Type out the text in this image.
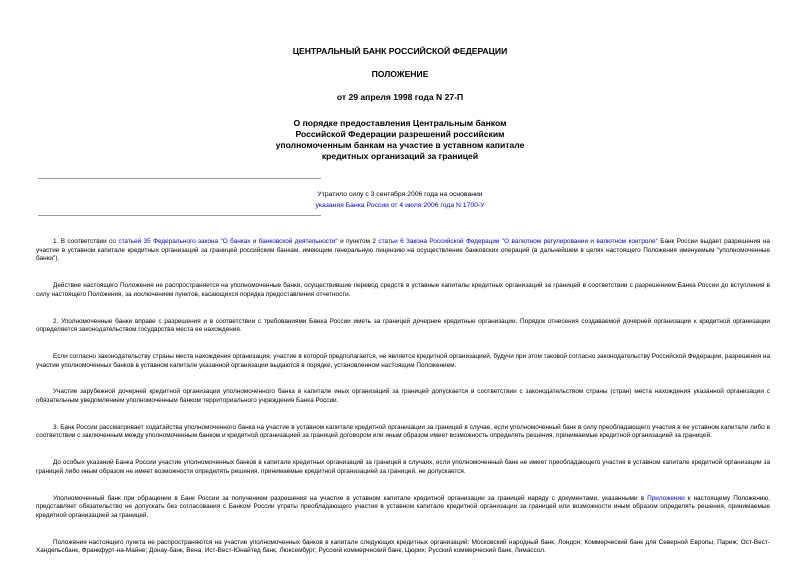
ЦЕНТРАЛЬНЫЙ БАНК РОССИЙСКОЙ ФЕДЕРАЦИИ
ПОЛОЖЕНИЕ
от 29 апреля 1998 года N 27-П
О порядке предоставления Центральным банком Российской Федерации разрешений российским уполномоченным банкам на участие в уставном капитале кредитных организаций за границей
Утратило силу с 3 сентября 2006 года на основании
указания Банка России от 4 июля 2006 года N 1700-У

1. В соответствии со статьей 35 Федерального закона "О банках и банковской деятельности" и пунктом 2 статьи 6 Закона Российской Федерации "О валютном регулировании и валютном контроле" Банк России выдает разрешения на участие в уставном капитале кредитных организаций за границей российским банкам, имеющим генеральную лицензию на осуществление банковских операций (в дальнейшем в целях настоящего Положения именуемым "уполномоченные банки").

Действие настоящего Положения не распространяется на уполномоченные банки, осуществившие перевод средств в уставные капиталы кредитных организаций за границей в соответствии с разрешением Банка России до вступления в силу настоящего Положения, за исключением пунктов, касающихся порядка предоставления отчетности.

2. Уполномоченные банки вправе с разрешения и в соответствии с требованиями Банка России иметь за границей дочерние кредитные организации. Порядок отнесения создаваемой дочерней организации к кредитной организации определяется законодательством государства места ее нахождения.

Если согласно законодательству страны места нахождения организация, участие в которой предполагается, не является кредитной организацией, будучи при этом таковой согласно законодательству Российской Федерации, разрешения на участие уполномоченных банков в уставном капитале указанной организации выдаются в порядке, установленном настоящим Положением.

Участие зарубежной дочерней кредитной организации уполномоченного банка в капитале иных организаций за границей допускается в соответствии с законодательством страны (стран) места нахождения указанной организации с обязательным уведомлением уполномоченным банком территориального учреждения Банка России.

3. Банк России рассматривает ходатайства уполномоченного банка на участие в уставном капитале кредитной организации за границей в случае, если уполномоченный банк в силу преобладающего участия в ее уставном капитале либо в соответствии с заключенным между уполномоченным банком и кредитной организацией за границей договором или иным образом имеет возможность определять решения, принимаемые кредитной организацией за границей.

До особых указаний Банка России участие уполномоченных банков в капитале кредитных организаций за границей в случаях, если уполномоченный банк не имеет преобладающего участия в уставном капитале кредитной организации за границей либо иным образом не имеет возможности определять решения, принимаемые кредитной организацией за границей, не допускается.

Уполномоченный банк при обращении в Банк России за получением разрешения на участие в уставном капитале кредитной организации за границей наряду с документами, указанными в Приложении к настоящему Положению, представляет обязательство не допускать без согласования с Банком России утраты преобладающего участия в уставном капитале кредитной организации за границей или возможности иным образом определять решения, принимаемые кредитной организацией за границей.

Положения настоящего пункта не распространяются на участие уполномоченных банков в капитале следующих кредитных организаций: Московский народный банк, Лондон; Коммерческий банк для Северной Европы, Париж; Ост-Вест-Хандельсбанк, Франкфурт-на-Майне; Донау-банк, Вена; Ист-Вест-Юнайтед банк, Люксембург; Русский коммерческий банк, Цюрих; Русский коммерческий банк, Лимассол.
